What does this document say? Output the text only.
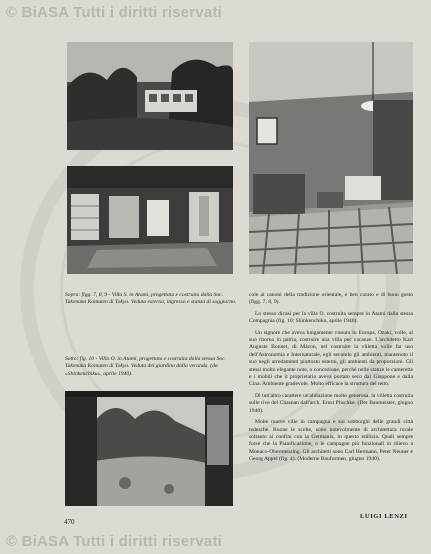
© BiASA Tutti i diritti riservati
Sopra: figg. 7, 8, 9 - Villa S. in Atami, progettata e costruita dalla Soc. Takenaka Komuten di Tokyo. Veduta esterna, ingresso e stanza di soggiorno.
Sotto: fig. 10 - Villa O. in Atami, progettata e costruita dalla stessa Soc. Takenaka Komuten di Tokyo. Veduta del giardino dalla veranda. (da «Shinkenchiku», aprile 1940).

cole ai canoni della tradizione orientale, è ben curato e di buon gusto (figg. 7, 8, 9).

Lo stesso dicasi per la villa O. costruita sempre in Atami dalla stessa Compagnia (fig. 10; Shinkenchiku, aprile 1940).

Un signore che aveva lungamente vissuto in Europa, Ozaki, volle, al suo ritorno in patria, costruire una villa per vacanze. L'architetto Karl Auguste Bonnet, di Mâcon, nel costruire la villetta volle far uso dell'Astronomia e Internaturale, egli secondo gli ambienti, mantenuto il suo negli arredamenti piuttosto esterni, gli ambienti da proporzioni. Gli stessi molto elegante note, o concezione, perché nelle stanze le camerette e i mobili che il proprietario aveva portato seco dal Giappone e dalla Cina. Ambiente gradevole. Molto efficace la struttura del tetto.

Di tutt'altro carattere un'abitazione molto generosa, la villetta costruita sulle rive del Chasnan dall'arch. Ernst Plischke. (Der Baumeister, giugno 1940).

Molte nuove ville in campagna e sui sobborghi delle grandi città tedesche. Buone le scelte, sono notevolmente di architettura rurale soltanto al confini con la Germania, in questo edilizia. Quali sempre forse che la Pianificazione, o le campagne più funzionali in rilievo a Monaco-Obermenzing. Gli architetti sono Carl Hermann, Peter Neuner e Georg Appel (fig. 4). (Moderne Bauformen, giugno 1940).

LUIGI LENZI
470
© BiASA Tutti i diritti riservati
